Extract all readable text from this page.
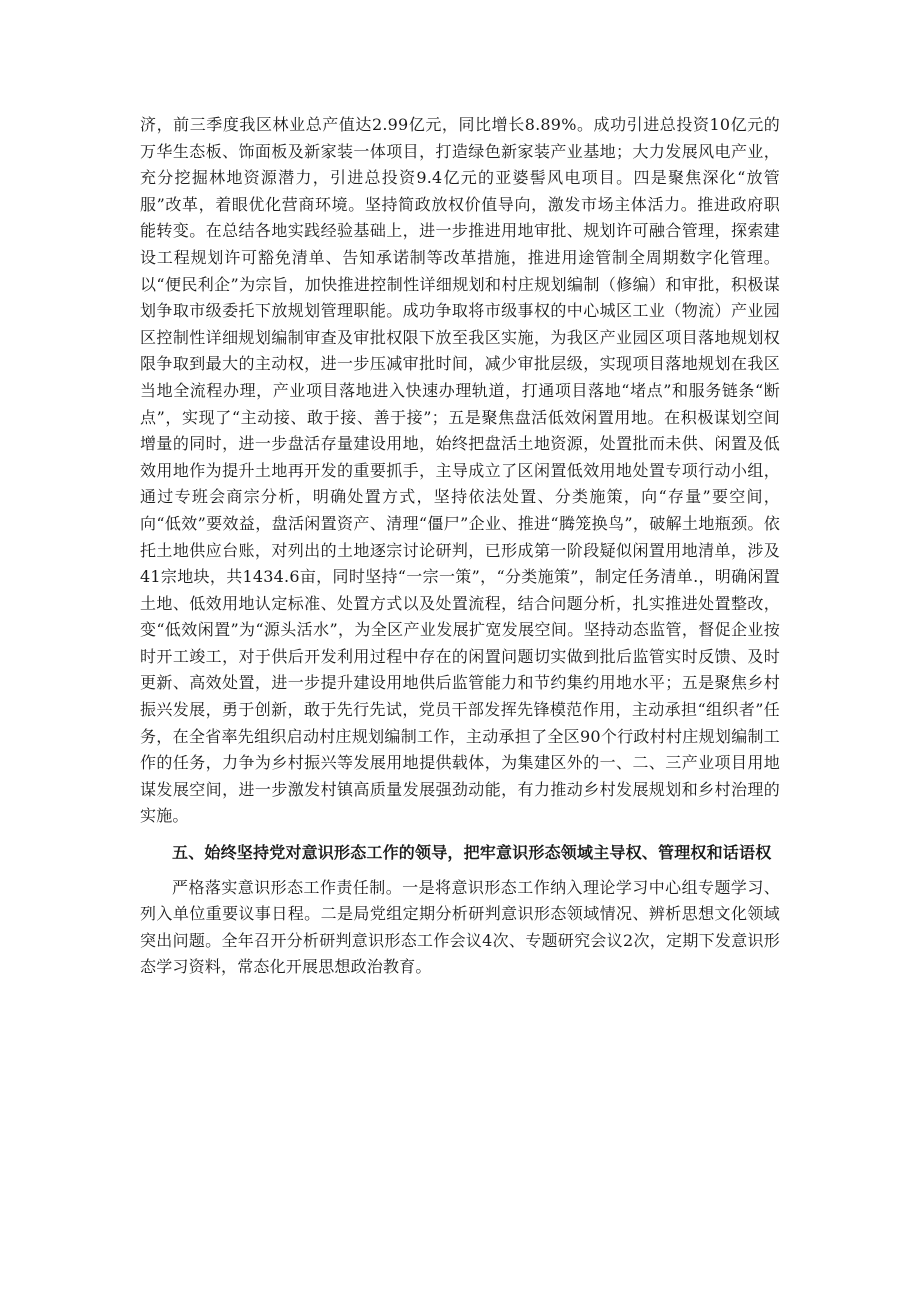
济，前三季度我区林业总产值达2.99亿元，同比增长8.89%。成功引进总投资10亿元的万华生态板、饰面板及新家装一体项目，打造绿色新家装产业基地；大力发展风电产业，充分挖掘林地资源潜力，引进总投资9.4亿元的亚婆髻风电项目。四是聚焦深化“放管服”改革，着眼优化营商环境。坚持简政放权价值导向，激发市场主体活力。推进政府职能转变。在总结各地实践经验基础上，进一步推进用地审批、规划许可融合管理，探索建设工程规划许可豁免清单、告知承诺制等改革措施，推进用途管制全周期数字化管理。以“便民利企”为宗旨，加快推进控制性详细规划和村庄规划编制（修编）和审批，积极谋划争取市级委托下放规划管理职能。成功争取将市级事权的中心城区工业（物流）产业园区控制性详细规划编制审查及审批权限下放至我区实施，为我区产业园区项目落地规划权限争取到最大的主动权，进一步压减审批时间，减少审批层级，实现项目落地规划在我区当地全流程办理，产业项目落地进入快速办理轨道，打通项目落地“堵点”和服务链条“断点”，实现了“主动接、敢于接、善于接”；五是聚焦盘活低效闲置用地。在积极谋划空间增量的同时，进一步盘活存量建设用地，始终把盘活土地资源，处置批而未供、闲置及低效用地作为提升土地再开发的重要抓手，主导成立了区闲置低效用地处置专项行动小组，通过专班会商宗分析，明确处置方式，坚持依法处置、分类施策，向“存量”要空间，向“低效”要效益，盘活闲置资产、清理“僵尸”企业、推进“腾笼换鸟”，破解土地瓶颈。依托土地供应台账，对列出的土地逐宗讨论研判，已形成第一阶段疑似闲置用地清单，涉及41宗地块，共1434.6亩，同时坚持“一宗一策”，“分类施策”，制定任务清单.，明确闲置土地、低效用地认定标准、处置方式以及处置流程，结合问题分析，扎实推进处置整改，变“低效闲置”为“源头活水”，为全区产业发展扩宽发展空间。坚持动态监管，督促企业按时开工竣工，对于供后开发利用过程中存在的闲置问题切实做到批后监管实时反馈、及时更新、高效处置，进一步提升建设用地供后监管能力和节约集约用地水平；五是聚焦乡村振兴发展，勇于创新，敢于先行先试，党员干部发挥先锋模范作用，主动承担“组织者”任务，在全省率先组织启动村庄规划编制工作，主动承担了全区90个行政村村庄规划编制工作的任务，力争为乡村振兴等发展用地提供载体，为集建区外的一、二、三产业项目用地谋发展空间，进一步激发村镇高质量发展强劲动能，有力推动乡村发展规划和乡村治理的实施。

五、始终坚持党对意识形态工作的领导，把牢意识形态领域主导权、管理权和话语权

严格落实意识形态工作责任制。一是将意识形态工作纳入理论学习中心组专题学习、列入单位重要议事日程。二是局党组定期分析研判意识形态领域情况、辨析思想文化领域突出问题。全年召开分析研判意识形态工作会议4次、专题研究会议2次，定期下发意识形态学习资料，常态化开展思想政治教育。
